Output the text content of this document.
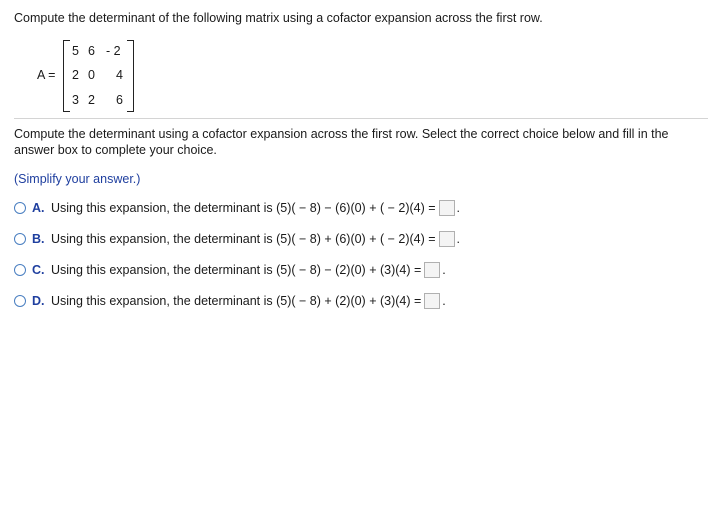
Compute the determinant of the following matrix using a cofactor expansion across the first row.
A =
5 6 - 2
2 0 4
3 2 6
Compute the determinant using a cofactor expansion across the first row. Select the correct choice below and fill in the answer box to complete your choice.
(Simplify your answer.)
A. Using this expansion, the determinant is (5)( − 8) − (6)(0) + ( − 2)(4) = .
B. Using this expansion, the determinant is (5)( − 8) + (6)(0) + ( − 2)(4) = .
C. Using this expansion, the determinant is (5)( − 8) − (2)(0) + (3)(4) = .
D. Using this expansion, the determinant is (5)( − 8) + (2)(0) + (3)(4) = .
